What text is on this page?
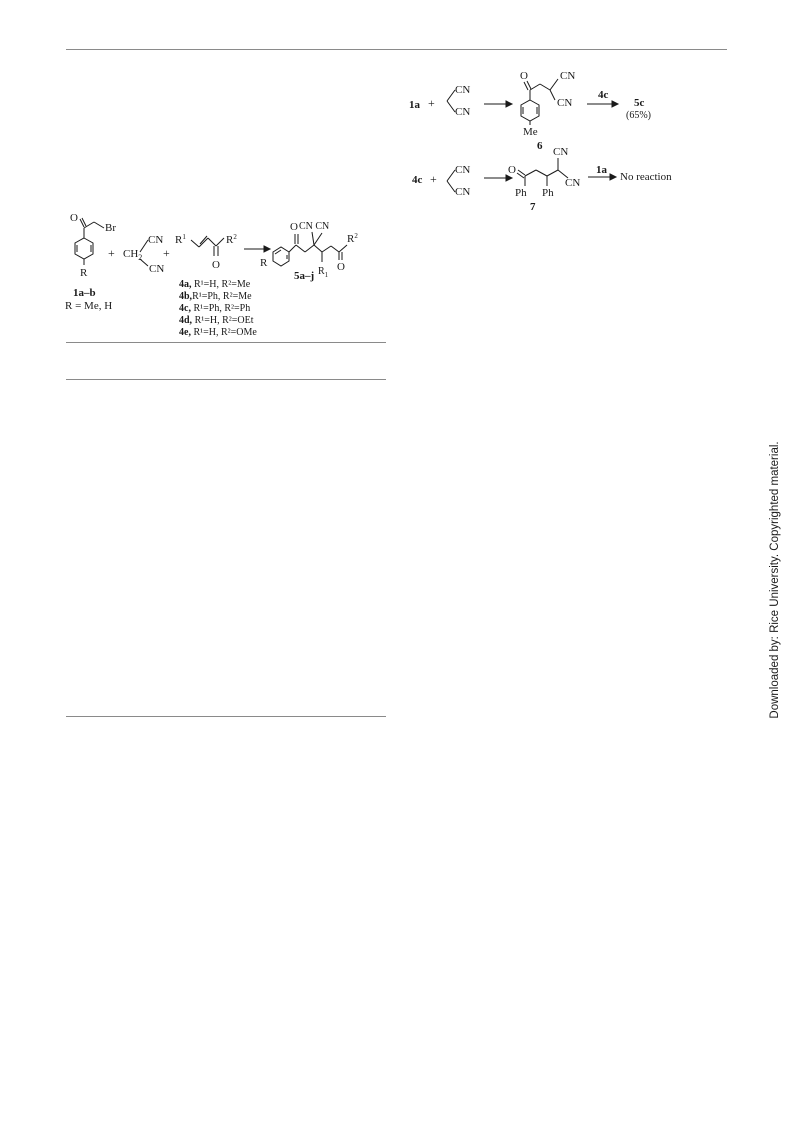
O
Br
R
1a–b
R = Me, H
+
CN
$CH_2$
CN
+
$R^1$
O
$R^2$
R
O CN CN
$R_1$
O
$R^2$
5a–j
4a, R¹=H, R²=Me
4b,R¹=Ph, R²=Me
4c, R¹=Ph, R²=Ph
4d, R¹=H, R²=OEt
4e, R¹=H, R²=OMe
1a +
CN
CN
O	CN
CN
Me
6
4c
5c
(65%)
4c +
CN
CN
O
Ph Ph
CN
CN
7
1a
No reaction
Downloaded by: Rice University. Copyrighted material.
